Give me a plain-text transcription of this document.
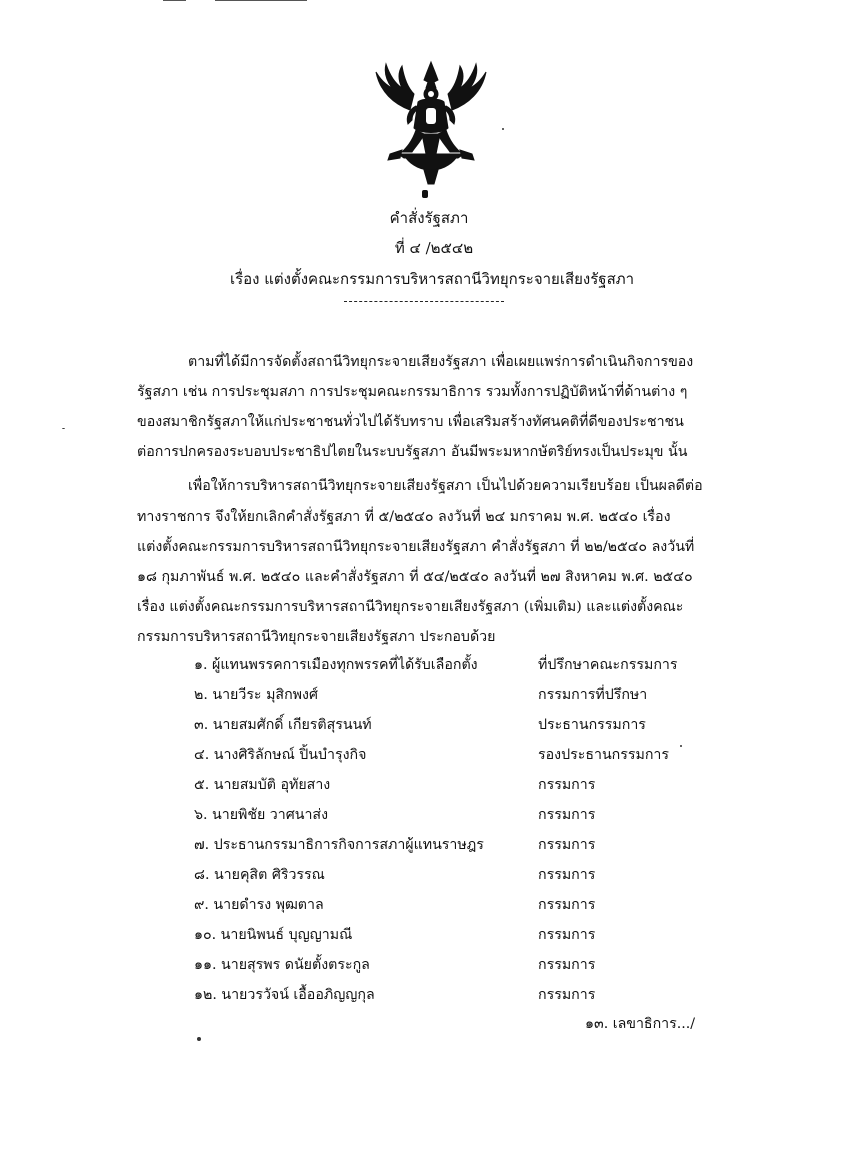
คำสั่งรัฐสภา
ที่ ๔ /๒๕๔๒
เรื่อง แต่งตั้งคณะกรรมการบริหารสถานีวิทยุกระจายเสียงรัฐสภา
ตามที่ได้มีการจัดตั้งสถานีวิทยุกระจายเสียงรัฐสภา เพื่อเผยแพร่การดำเนินกิจการของ
รัฐสภา เช่น การประชุมสภา การประชุมคณะกรรมาธิการ รวมทั้งการปฏิบัติหน้าที่ด้านต่าง ๆ
ของสมาชิกรัฐสภาให้แก่ประชาชนทั่วไปได้รับทราบ เพื่อเสริมสร้างทัศนคติที่ดีของประชาชน
ต่อการปกครองระบอบประชาธิปไตยในระบบรัฐสภา อันมีพระมหากษัตริย์ทรงเป็นประมุข นั้น
เพื่อให้การบริหารสถานีวิทยุกระจายเสียงรัฐสภา เป็นไปด้วยความเรียบร้อย เป็นผลดีต่อ
ทางราชการ จึงให้ยกเลิกคำสั่งรัฐสภา ที่ ๕/๒๕๔๐ ลงวันที่ ๒๔ มกราคม พ.ศ. ๒๕๔๐ เรื่อง
แต่งตั้งคณะกรรมการบริหารสถานีวิทยุกระจายเสียงรัฐสภา คำสั่งรัฐสภา ที่ ๒๒/๒๕๔๐ ลงวันที่
๑๘ กุมภาพันธ์ พ.ศ. ๒๕๔๐ และคำสั่งรัฐสภา ที่ ๕๔/๒๕๔๐ ลงวันที่ ๒๗ สิงหาคม พ.ศ. ๒๕๔๐
เรื่อง แต่งตั้งคณะกรรมการบริหารสถานีวิทยุกระจายเสียงรัฐสภา (เพิ่มเติม) และแต่งตั้งคณะ
กรรมการบริหารสถานีวิทยุกระจายเสียงรัฐสภา ประกอบด้วย
๑. ผู้แทนพรรคการเมืองทุกพรรคที่ได้รับเลือกตั้ง	ที่ปรึกษาคณะกรรมการ
๒. นายวีระ มุสิกพงศ์	กรรมการที่ปรึกษา
๓. นายสมศักดิ์ เกียรติสุรนนท์	ประธานกรรมการ
๔. นางศิริลักษณ์ ปิ้นบำรุงกิจ	รองประธานกรรมการ
๕. นายสมบัติ อุทัยสาง	กรรมการ
๖. นายพิชัย วาศนาส่ง	กรรมการ
๗. ประธานกรรมาธิการกิจการสภาผู้แทนราษฎร	กรรมการ
๘. นายคุสิต ศิริวรรณ	กรรมการ
๙. นายดำรง พุฒตาล	กรรมการ
๑๐. นายนิพนธ์ บุญญามณี	กรรมการ
๑๑. นายสุรพร ดนัยตั้งตระกูล	กรรมการ
๑๒. นายวรวัจน์ เอื้ออภิญญกุล	กรรมการ
๑๓. เลขาธิการ.../
